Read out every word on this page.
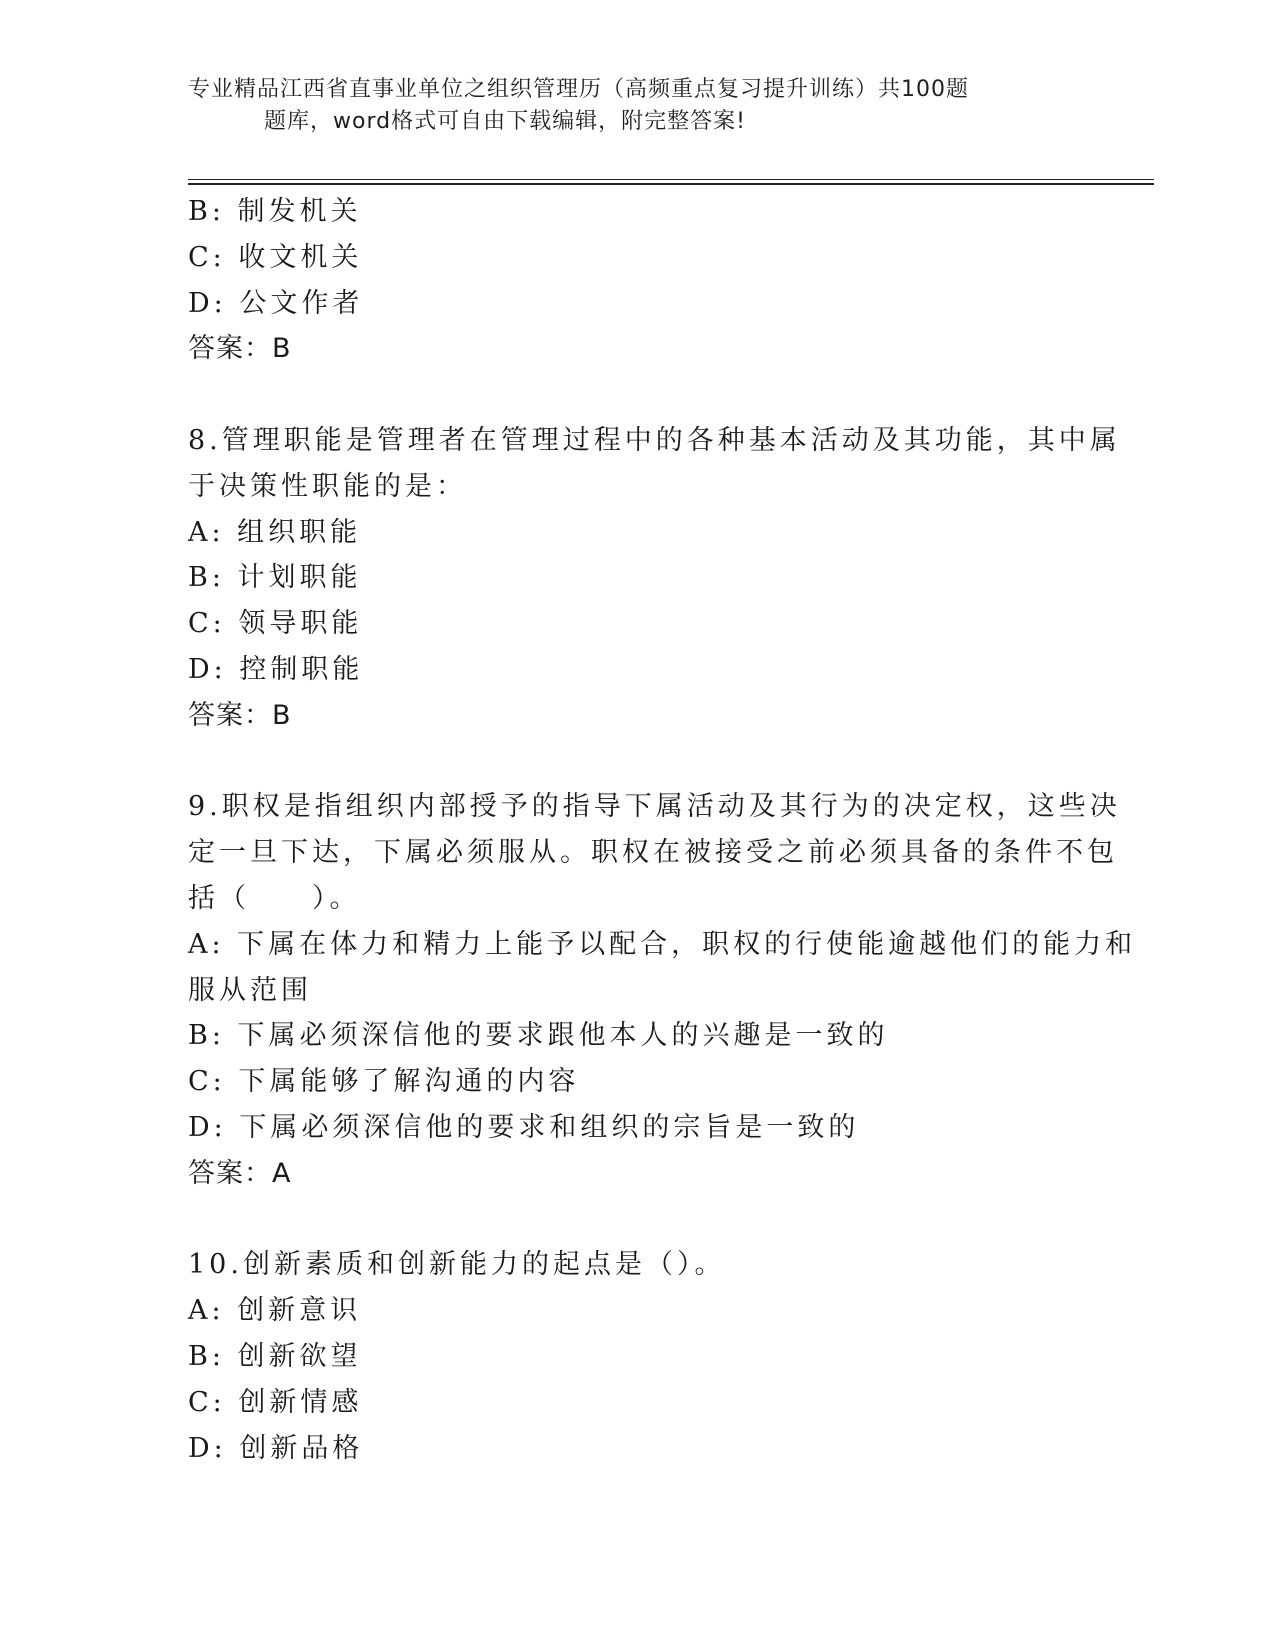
专业精品江西省直事业单位之组织管理历（高频重点复习提升训练）共100题
题库，word格式可自由下载编辑，附完整答案!
B: 制发机关
C: 收文机关
D: 公文作者
答案：B
8.管理职能是管理者在管理过程中的各种基本活动及其功能，其中属
于决策性职能的是：
A: 组织职能
B: 计划职能
C: 领导职能
D: 控制职能
答案：B
9.职权是指组织内部授予的指导下属活动及其行为的决定权，这些决
定一旦下达，下属必须服从。职权在被接受之前必须具备的条件不包
括（　　）。
A: 下属在体力和精力上能予以配合，职权的行使能逾越他们的能力和
服从范围
B: 下属必须深信他的要求跟他本人的兴趣是一致的
C: 下属能够了解沟通的内容
D: 下属必须深信他的要求和组织的宗旨是一致的
答案：A
10.创新素质和创新能力的起点是（）。
A: 创新意识
B: 创新欲望
C: 创新情感
D: 创新品格
